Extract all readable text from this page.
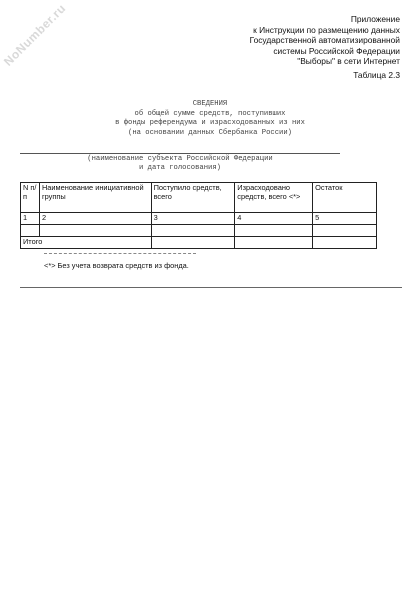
NoNumber.ru	Приложение
к Инструкции по размещению данных
Государственной автоматизированной
системы Российской Федерации
"Выборы" в сети Интернет
Таблица 2.3
СВЕДЕНИЯ
об общей сумме средств, поступивших
в фонды референдума и израсходованных из них
(на основании данных Сбербанка России)
(наименование субъекта Российской Федерации
и дата голосования)
N п/п	Наименование инициативной группы	Поступило средств, всего	Израсходовано средств, всего <*>	Остаток
1	2	3	4	5

Итого				
<*> Без учета возврата средств из фонда.
